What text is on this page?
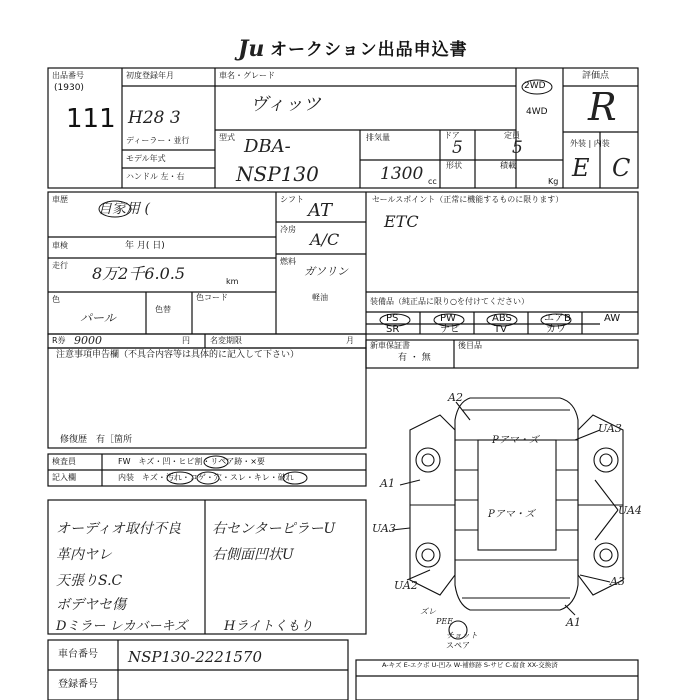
Ju オークション出品申込書
出品番号
(1930)
111
初度登録年月
H28 3
ディーラー・並行
モデル年式
ハンドル 左・右
車名・グレード
ヴィッツ
型式 DBA-
NSP130
2WD
4WD
排気量
1300 cc
ドア
5
定員
5
形状	積載
Kg
評価点
R
外装 | 内装
E C
車歴
自家用 (
車検	年 月( 日)
走行 8万2千6.0.5	km
色
パール
色替
色コード
シフト
AT
冷房
A/C
燃料
ガソリン
軽油
セールスポイント（正常に機能するものに限ります）
ETC
装備品（純正品に限り○を付けてください）
PS	PW	ABS	エアB	AW
SR	ナビ	TV	カワ
R券 9000	円	名変期限	月
新車保証書
有 ・ 無
後目品
注意事項申告欄（不具合内容等は具体的に記入して下さい）
修復歴　有［箇所
検査員	FW　キズ・凹・ヒビ割・リペア跡・×要
記入欄	内装　キズ・汚れ・コゲ・穴・スレ・キレ・破れ
オーディオ取付不良
革内ヤレ
天張りS.C
ボデヤセ傷
Dミラー レカバーキズ
右センターピラーU
右側面凹状U
Hライトくもり
車台番号 NSP130-2221570
登録番号
A-キズ E-エクボ U-凹み W-補修跡 S-サビ C-腐食 XX-交換済
A2
UA3
A1
UA4
UA3
UA2	A3
A1
ズレ
PEE
チョット
スペア
Pアマ・ズ
Pアマ・ズ
